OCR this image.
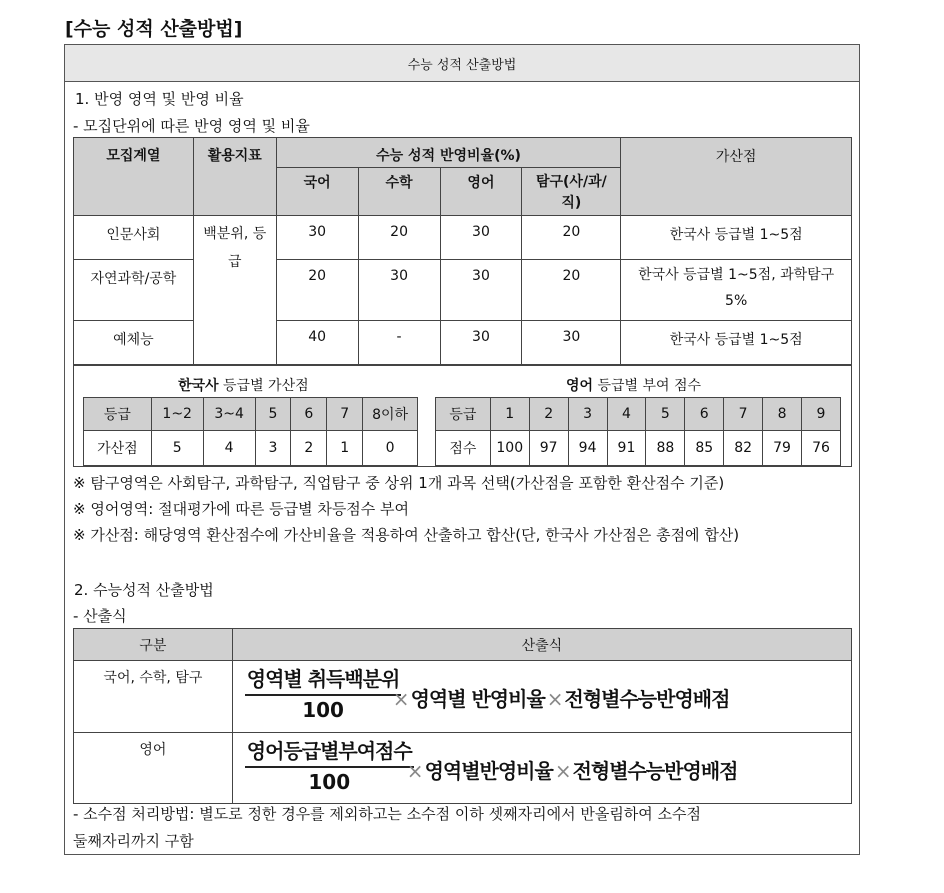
[수능 성적 산출방법]
수능 성적 산출방법
1. 반영 영역 및 반영 비율
- 모집단위에 따른 반영 영역 및 비율
모집계열	활용지표	수능 성적 반영비율(%)				가산점
		국어	수학	영어	탐구(사/과/직)	
인문사회	백분위, 등급	30	20	30	20	한국사 등급별 1~5점
자연과학/공학		20	30	30	20	한국사 등급별 1~5점, 과학탐구 5%
예체능		40	-	30	30	한국사 등급별 1~5점
한국사 등급별 가산점	영어 등급별 부여 점수
등급	1~2	3~4	5	6	7	8이하
가산점	5	4	3	2	1	0
등급	1	2	3	4	5	6	7	8	9
점수	100	97	94	91	88	85	82	79	76
※ 탐구영역은 사회탐구, 과학탐구, 직업탐구 중 상위 1개 과목 선택(가산점을 포함한 환산점수 기준)
※ 영어영역: 절대평가에 따른 등급별 차등점수 부여
※ 가산점: 해당영역 환산점수에 가산비율을 적용하여 산출하고 합산(단, 한국사 가산점은 총점에 합산)
2. 수능성적 산출방법
- 산출식
구분	산출식
국어, 수학, 탐구	영역별 취득백분위
100 × 영역별 반영비율 × 전형별수능반영배점

영어	영어등급별부여점수
100 × 영역별반영비율 × 전형별수능반영배점
- 소수점 처리방법: 별도로 정한 경우를 제외하고는 소수점 이하 셋째자리에서 반올림하여 소수점
둘째자리까지 구함
